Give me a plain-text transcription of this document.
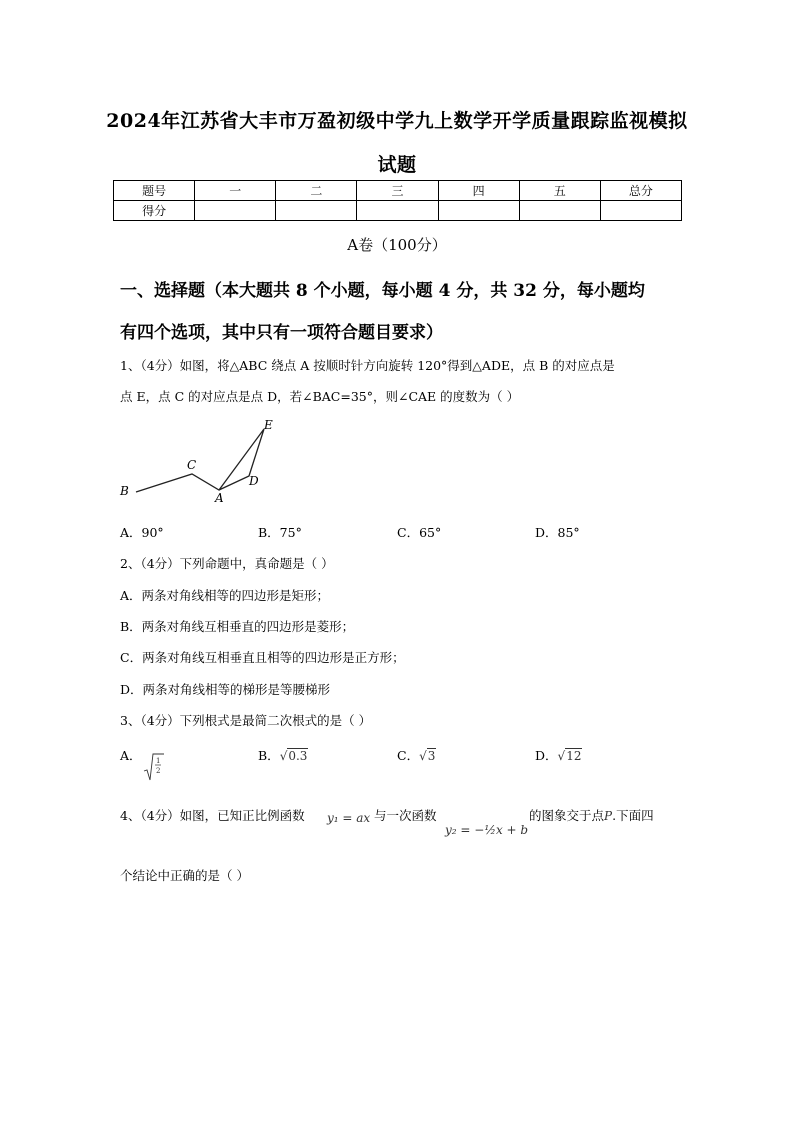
2024年江苏省大丰市万盈初级中学九上数学开学质量跟踪监视模拟
试题
题号	一	二	三	四	五	总分
得分						
A卷（100分）
一、选择题（本大题共 8 个小题，每小题 4 分，共 32 分，每小题均
有四个选项，其中只有一项符合题目要求）
1、（4分）如图，将△ABC 绕点 A 按顺时针方向旋转 120°得到△ADE，点 B 的对应点是
点 E，点 C 的对应点是点 D，若∠BAC=35°，则∠CAE 的度数为（ ）
E
C
B	A
D
A．90°	B．75°	C．65°	D．85°
2、（4分）下列命题中，真命题是（ ）
A．两条对角线相等的四边形是矩形；
B．两条对角线互相垂直的四边形是菱形；
C．两条对角线互相垂直且相等的四边形是正方形；
D．两条对角线相等的梯形是等腰梯形
3、（4分）下列根式是最简二次根式的是（ ）
A． 1
2
B．√0.3	C．√3	D．√12
4、（4分）如图，已知正比例函数 y₁ = ax 与一次函数
y₂ = −½x + b
的图象交于点P.下面四
个结论中正确的是（ ）
